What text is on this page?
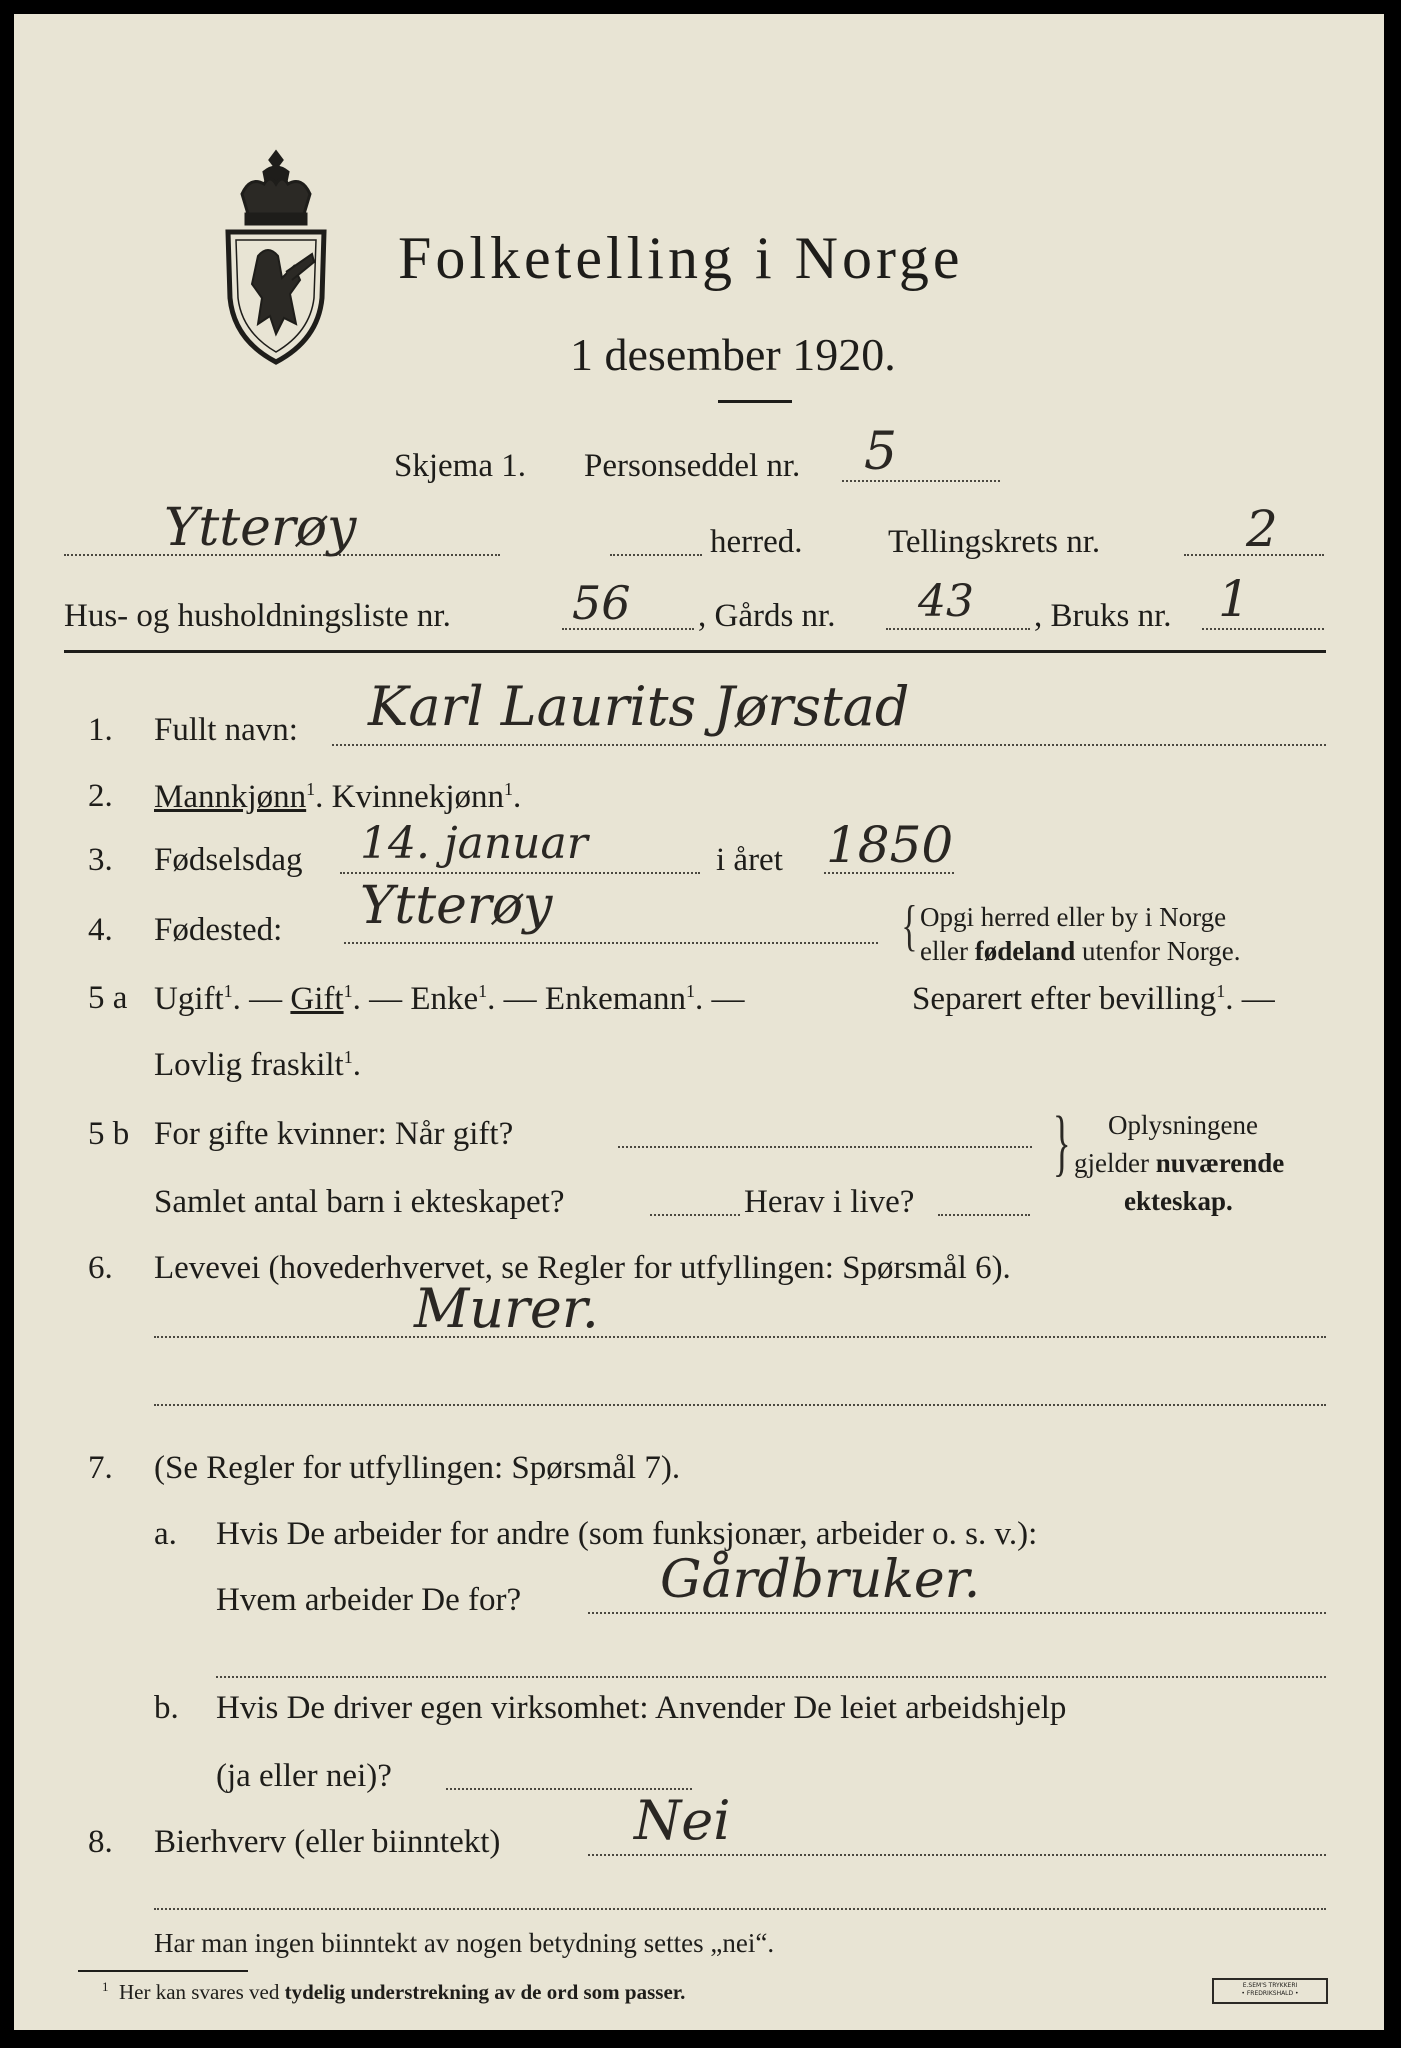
Folketelling i Norge
1 desember 1920.
Skjema 1. Personseddel nr. 5
Ytterøy	herred.	Tellingskrets nr.	2
Hus- og husholdningsliste nr.	56 , Gårds nr. 43 , Bruks nr. 1
1. Fullt navn: Karl Laurits Jørstad
2. Mannkjønn$^1$. Kvinnekjønn$^1$.
3. Fødselsdag 14. januar	i året 1850
4. Fødested: Ytterøy	{ Opgi herred eller by i Norge
eller fødeland utenfor Norge.
5 a Ugift$^1$. — Gift$^1$. — Enke$^1$. — Enkemann$^1$. —	Separert efter bevilling$^1$. —
Lovlig fraskilt$^1$.
5 b For gifte kvinner: Når gift?
Samlet antal barn i ekteskapet?	Herav i live?
} Oplysningene
gjelder nuværende
ekteskap.
6. Levevei (hovederhvervet, se Regler for utfyllingen: Spørsmål 6).
Murer.
7. (Se Regler for utfyllingen: Spørsmål 7).
a. Hvis De arbeider for andre (som funksjonær, arbeider o. s. v.):
Hvem arbeider De for?	Gårdbruker.
b. Hvis De driver egen virksomhet: Anvender De leiet arbeidshjelp
(ja eller nei)?
8. Bierhverv (eller biinntekt) Nei
Har man ingen biinntekt av nogen betydning settes „nei“.
$^1$ Her kan svares ved tydelig understrekning av de ord som passer.	E.SEM'S TRYKKERI
• FREDRIKSHALD •
